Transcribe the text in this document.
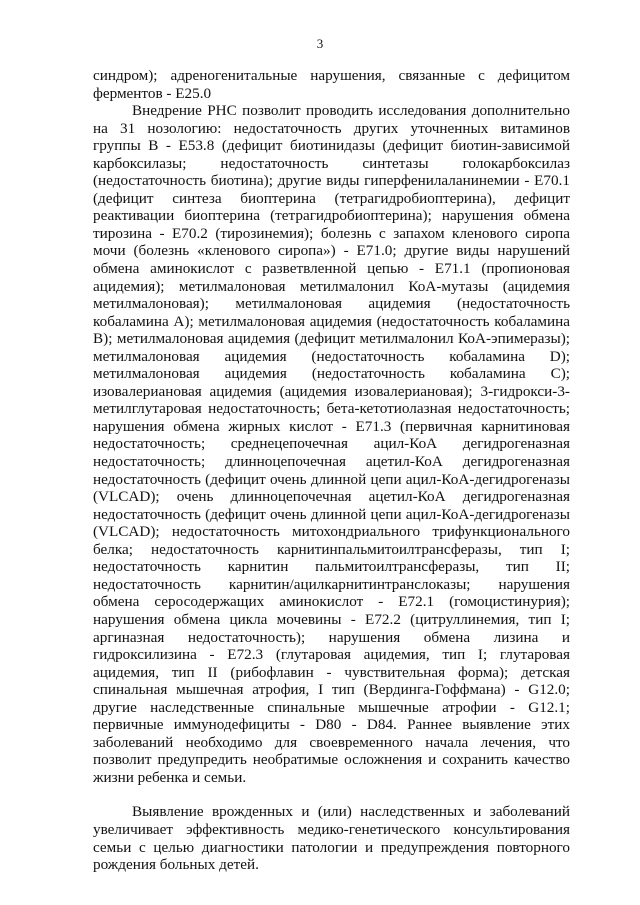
3

синдром); адреногенитальные нарушения, связанные с дефицитом ферментов - E25.0

Внедрение РНС позволит проводить исследования дополнительно на 31 нозологию: недостаточность других уточненных витаминов группы B - E53.8 (дефицит биотинидазы (дефицит биотин-зависимой карбоксилазы; недостаточность синтетазы голокарбоксилаз (недостаточность биотина); другие виды гиперфенилаланинемии - E70.1 (дефицит синтеза биоптерина (тетрагидробиоптерина), дефицит реактивации биоптерина (тетрагидробиоптерина); нарушения обмена тирозина - E70.2 (тирозинемия); болезнь с запахом кленового сиропа мочи (болезнь «кленового сиропа») - E71.0; другие виды нарушений обмена аминокислот с разветвленной цепью - E71.1 (пропионовая ацидемия); метилмалоновая метилмалонил КоА-мутазы (ацидемия метилмалоновая); метилмалоновая ацидемия (недостаточность кобаламина A); метилмалоновая ацидемия (недостаточность кобаламина B); метилмалоновая ацидемия (дефицит метилмалонил КоА-эпимеразы); метилмалоновая ацидемия (недостаточность кобаламина D); метилмалоновая ацидемия (недостаточность кобаламина C); изовалериановая ацидемия (ацидемия изовалериановая); 3-гидрокси-3-метилглутаровая недостаточность; бета-кетотиолазная недостаточность; нарушения обмена жирных кислот - E71.3 (первичная карнитиновая недостаточность; среднецепочечная ацил-КоА дегидрогеназная недостаточность; длинноцепочечная ацетил-КоА дегидрогеназная недостаточность (дефицит очень длинной цепи ацил-КоА-дегидрогеназы (VLCAD); очень длинноцепочечная ацетил-КоА дегидрогеназная недостаточность (дефицит очень длинной цепи ацил-КоА-дегидрогеназы (VLCAD); недостаточность митохондриального трифункционального белка; недостаточность карнитинпальмитоилтрансферазы, тип I; недостаточность карнитин пальмитоилтрансферазы, тип II; недостаточность карнитин/ацилкарнитинтранслоказы; нарушения обмена серосодержащих аминокислот - E72.1 (гомоцистинурия); нарушения обмена цикла мочевины - E72.2 (цитруллинемия, тип I; аргиназная недостаточность); нарушения обмена лизина и гидроксилизина - E72.3 (глутаровая ацидемия, тип I; глутаровая ацидемия, тип II (рибофлавин - чувствительная форма); детская спинальная мышечная атрофия, I тип (Вердинга-Гоффмана) - G12.0; другие наследственные спинальные мышечные атрофии - G12.1; первичные иммунодефициты - D80 - D84. Раннее выявление этих заболеваний необходимо для своевременного начала лечения, что позволит предупредить необратимые осложнения и сохранить качество жизни ребенка и семьи.

Выявление врожденных и (или) наследственных и заболеваний увеличивает эффективность медико-генетического консультирования семьи с целью диагностики патологии и предупреждения повторного рождения больных детей.
